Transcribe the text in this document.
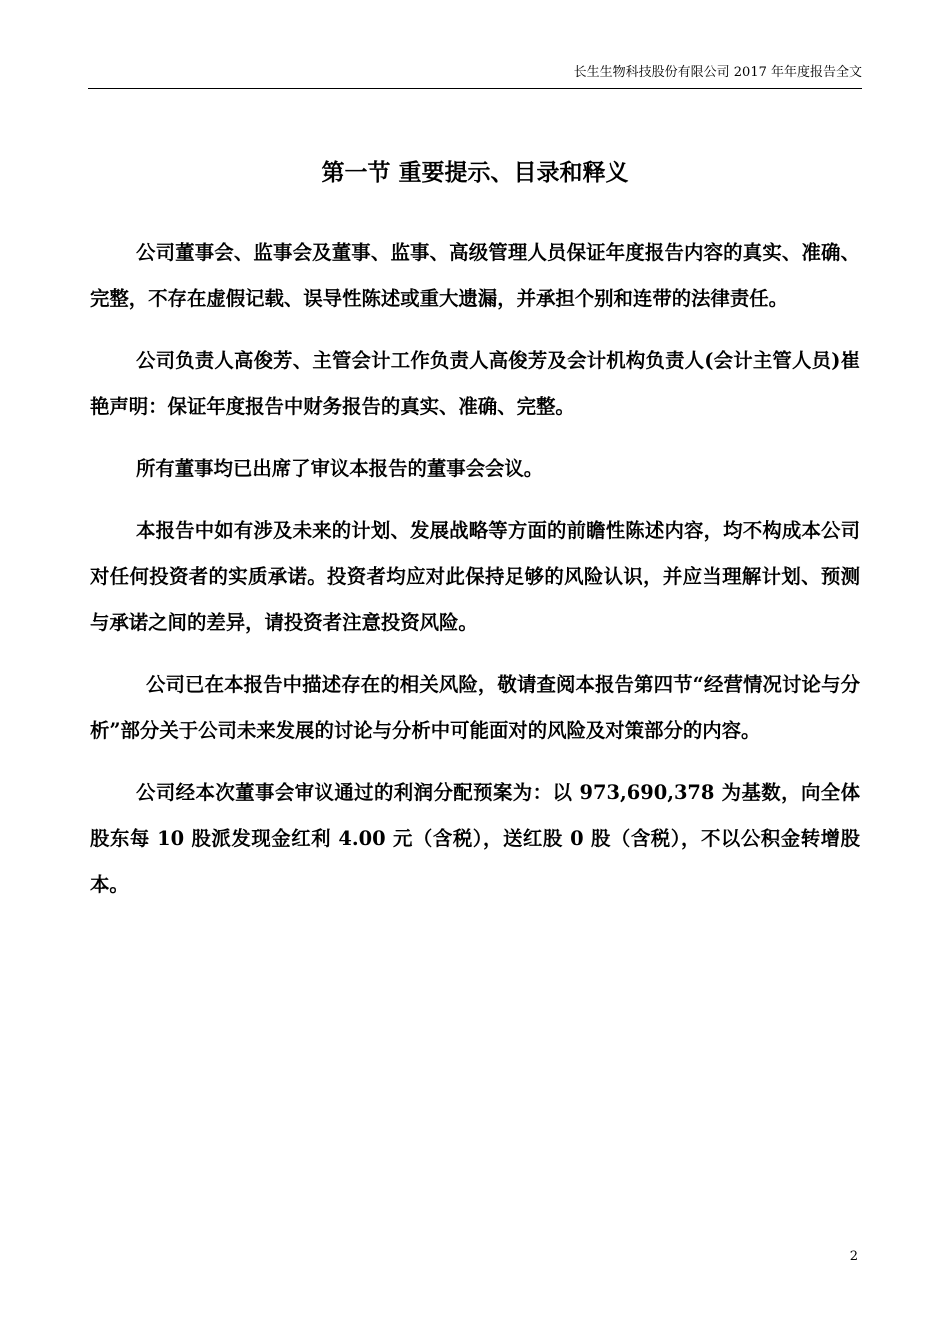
长生生物科技股份有限公司 2017 年年度报告全文
第一节 重要提示、目录和释义

公司董事会、监事会及董事、监事、高级管理人员保证年度报告内容的真实、准确、完整，不存在虚假记载、误导性陈述或重大遗漏，并承担个别和连带的法律责任。

公司负责人高俊芳、主管会计工作负责人高俊芳及会计机构负责人(会计主管人员)崔艳声明：保证年度报告中财务报告的真实、准确、完整。

所有董事均已出席了审议本报告的董事会会议。

本报告中如有涉及未来的计划、发展战略等方面的前瞻性陈述内容，均不构成本公司对任何投资者的实质承诺。投资者均应对此保持足够的风险认识，并应当理解计划、预测与承诺之间的差异，请投资者注意投资风险。

公司已在本报告中描述存在的相关风险，敬请查阅本报告第四节“经营情况讨论与分析”部分关于公司未来发展的讨论与分析中可能面对的风险及对策部分的内容。

公司经本次董事会审议通过的利润分配预案为：以 973,690,378 为基数，向全体股东每 10 股派发现金红利 4.00 元（含税），送红股 0 股（含税），不以公积金转增股本。

2
